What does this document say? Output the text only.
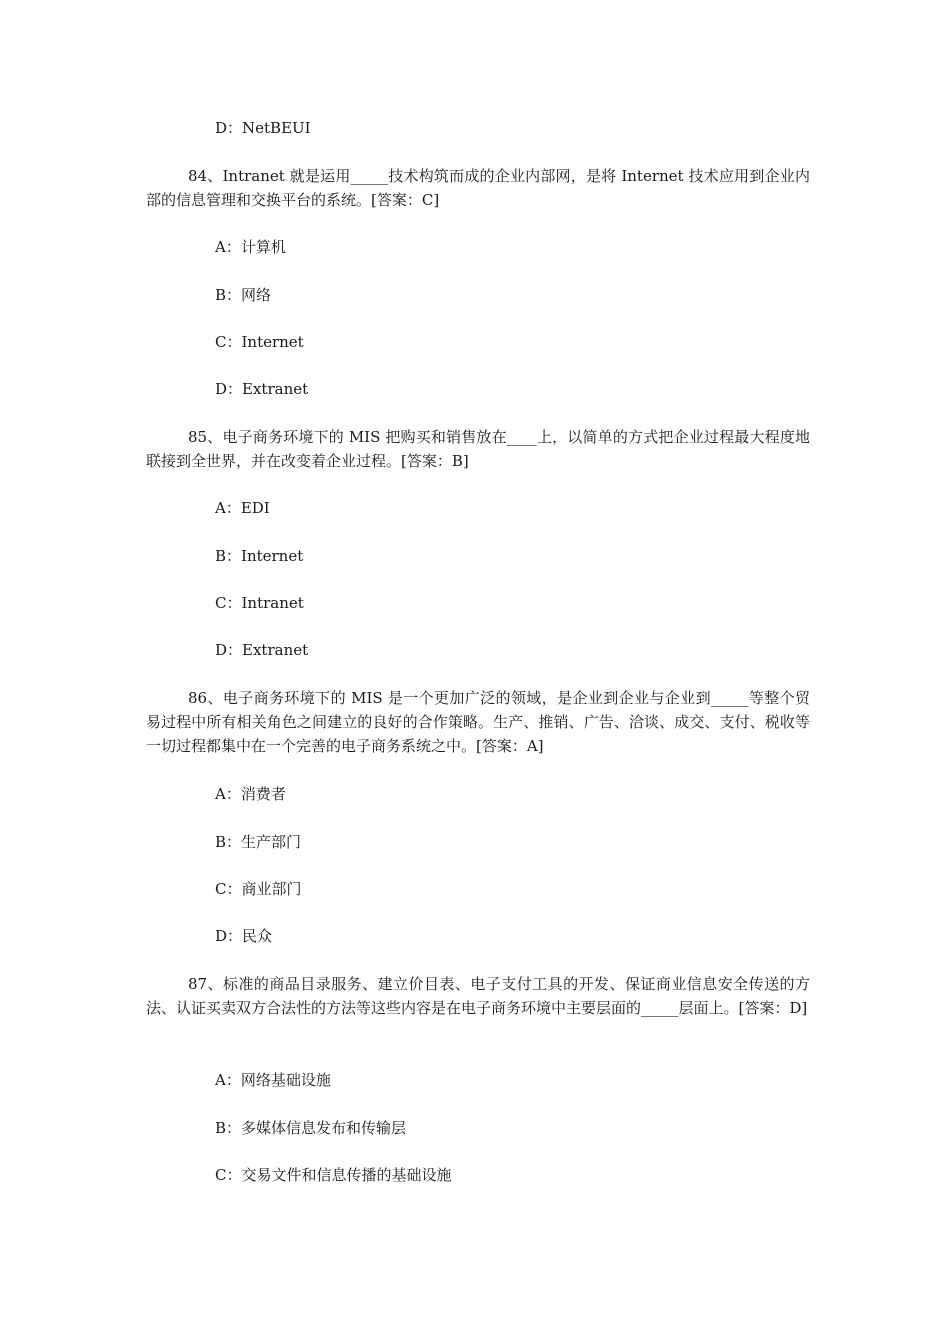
D：NetBEUI
84、Intranet 就是运用_____技术构筑而成的企业内部网，是将 Internet 技术应用到企业内部的信息管理和交换平台的系统。[答案：C]
A：计算机
B：网络
C：Internet
D：Extranet
85、电子商务环境下的 MIS 把购买和销售放在____上，以简单的方式把企业过程最大程度地联接到全世界，并在改变着企业过程。[答案：B]
A：EDI
B：Internet
C：Intranet
D：Extranet
86、电子商务环境下的 MIS 是一个更加广泛的领域，是企业到企业与企业到_____等整个贸易过程中所有相关角色之间建立的良好的合作策略。生产、推销、广告、洽谈、成交、支付、税收等一切过程都集中在一个完善的电子商务系统之中。[答案：A]
A：消费者
B：生产部门
C：商业部门
D：民众
87、标准的商品目录服务、建立价目表、电子支付工具的开发、保证商业信息安全传送的方法、认证买卖双方合法性的方法等这些内容是在电子商务环境中主要层面的_____层面上。[答案：D]
A：网络基础设施
B：多媒体信息发布和传输层
C：交易文件和信息传播的基础设施
